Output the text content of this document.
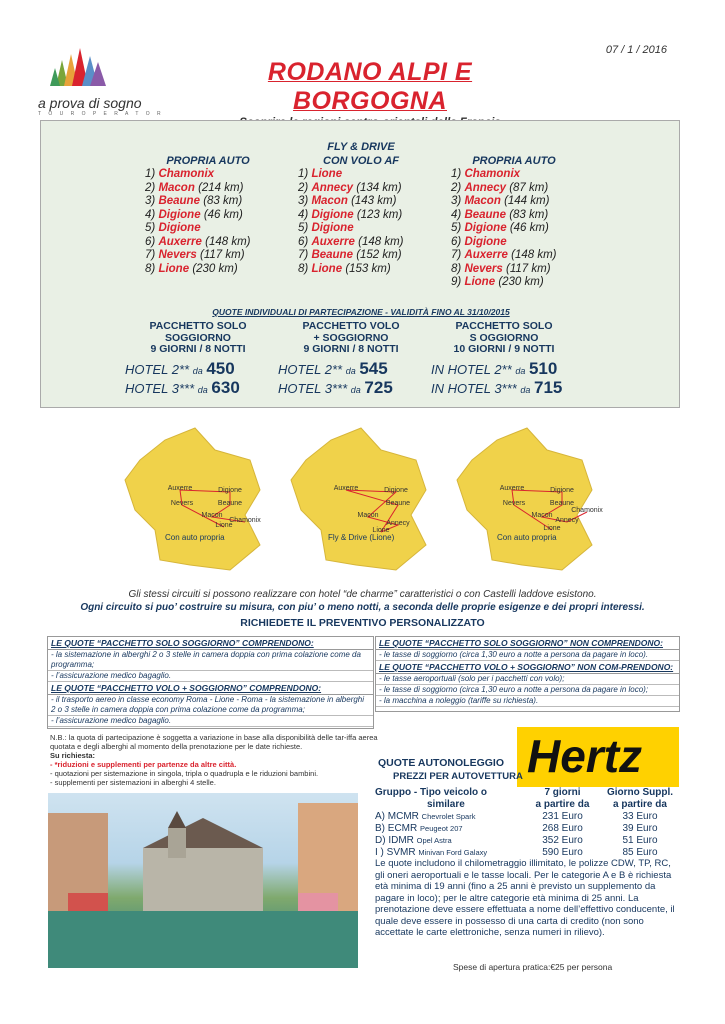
07 / 1 / 2016
a prova di sogno
T O U R O P E R A T O R
RODANO ALPI E BORGOGNA

PROPRIA AUTO
1) Chamonix
2) Macon (214 km)
3) Beaune (83 km)
4) Digione (46 km)
5) Digione
6) Auxerre (148 km)
7) Nevers (117 km)
8) Lione (230 km)
FLY & DRIVE
CON VOLO AF
1) Lione
2) Annecy (134 km)
3) Macon (143 km)
4) Digione (123 km)
5) Digione
6) Auxerre (148 km)
7) Beaune (152 km)
8) Lione (153 km)
PROPRIA AUTO
1) Chamonix
2) Annecy (87 km)
3) Macon (144 km)
4) Beaune (83 km)
5) Digione (46 km)
6) Digione
7) Auxerre (148 km)
8) Nevers (117 km)
9) Lione (230 km)
QUOTE INDIVIDUALI DI PARTECIPAZIONE - VALIDITÀ FINO AL 31/10/2015
PACCHETTO SOLO
SOGGIORNO
9 GIORNI / 8 NOTTI
HOTEL 2** da 450
HOTEL 3*** da 630
PACCHETTO VOLO
+ SOGGIORNO
9 GIORNI / 8 NOTTI
HOTEL 2** da 545
HOTEL 3*** da 725
PACCHETTO SOLO
S OGGIORNO
10 GIORNI / 9 NOTTI
IN HOTEL 2** da 510
IN HOTEL 3*** da 715
Auxerre	Digione
Nevers	Beaune
Macon
Lione
Chamonix
Con auto propria
Auxerre	Digione
Beaune
Macon
Annecy
Lione
Fly & Drive (Lione)
Auxerre	Digione
Nevers	Beaune
Macon
Annecy
Chamonix
Lione
Con auto propria
Gli stessi circuiti si possono realizzare con hotel “de charme” caratteristici o con Castelli laddove esistono.
Ogni circuito si puo’ costruire su misura, con piu’ o meno notti, a seconda delle proprie esigenze e dei propri interessi.
RICHIEDETE IL PREVENTIVO PERSONALIZZATO
LE QUOTE “PACCHETTO SOLO SOGGIORNO” COMPRENDONO:
- la sistemazione in alberghi 2 o 3 stelle in camera doppia con prima colazione come da programma;
- l’assicurazione medico bagaglio.
LE QUOTE “PACCHETTO VOLO + SOGGIORNO” COMPRENDONO:
- il trasporto aereo in classe economy Roma - Lione - Roma - la sistemazione in alberghi 2 o 3 stelle in camera doppia con prima colazione come da programma;
- l’assicurazione medico bagaglio.
LE QUOTE “PACCHETTO SOLO SOGGIORNO” NON COMPRENDONO:
- le tasse di soggiorno (circa 1,30 euro a notte a persona da pagare in loco).
LE QUOTE “PACCHETTO VOLO + SOGGIORNO” NON COM-PRENDONO:
- le tasse aeroportuali (solo per i pacchetti con volo);
- le tasse di soggiorno (circa 1,30 euro a notte a persona da pagare in loco);
- la macchina a noleggio (tariffe su richiesta).
N.B.: la quota di partecipazione è soggetta a variazione in base alla disponibilità delle tar-iffa aerea quotata e degli alberghi al momento della prenotazione per le date richieste.
Su richiesta:
- *riduzioni e supplementi per partenze da altre città.
- quotazioni per sistemazione in singola, tripla o quadrupla e le riduzioni bambini.
- supplementi per sistemazioni in alberghi 4 stelle.
Hertz
QUOTE AUTONOLEGGIO
PREZZI PER AUTOVETTURA
Gruppo - Tipo veicolo o	7 giorni	Giorno Suppl.
similare	a partire da	a partire da
A) MCMR Chevrolet Spark	231 Euro	33 Euro
B) ECMR Peugeot 207	268 Euro	39 Euro
D) IDMR Opel Astra	352 Euro	51 Euro
I ) SVMR Minivan Ford Galaxy	590 Euro	85 Euro
Le quote includono il chilometraggio illimitato, le polizze CDW, TP, RC, gli oneri aeroportuali e le tasse locali. Per le categorie A e B è richiesta età minima di 19 anni (fino a 25 anni è previsto un supplemento da pagare in loco); per le altre categorie età minima di 25 anni. La prenotazione deve essere effettuata a nome dell’effettivo conducente, il quale deve essere in possesso di una carta di credito (non sono accettate le carte elettroniche, senza numeri in rilievo).
Spese di apertura pratica:€25 per persona
